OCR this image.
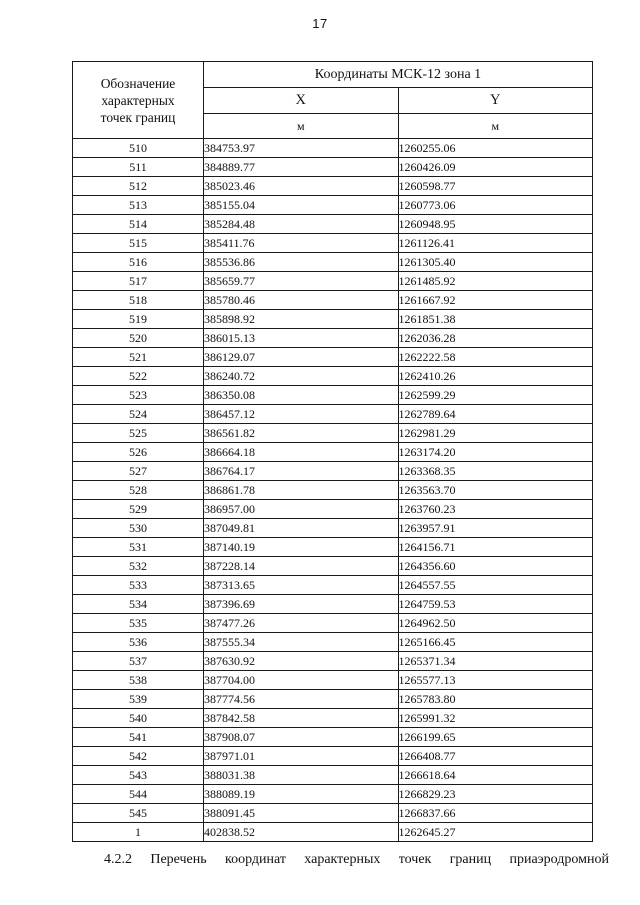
17
Обозначение
характерных
точек границ	Координаты МСК-12 зона 1	
	X	Y
	м	м
510	384753.97	1260255.06
511	384889.77	1260426.09
512	385023.46	1260598.77
513	385155.04	1260773.06
514	385284.48	1260948.95
515	385411.76	1261126.41
516	385536.86	1261305.40
517	385659.77	1261485.92
518	385780.46	1261667.92
519	385898.92	1261851.38
520	386015.13	1262036.28
521	386129.07	1262222.58
522	386240.72	1262410.26
523	386350.08	1262599.29
524	386457.12	1262789.64
525	386561.82	1262981.29
526	386664.18	1263174.20
527	386764.17	1263368.35
528	386861.78	1263563.70
529	386957.00	1263760.23
530	387049.81	1263957.91
531	387140.19	1264156.71
532	387228.14	1264356.60
533	387313.65	1264557.55
534	387396.69	1264759.53
535	387477.26	1264962.50
536	387555.34	1265166.45
537	387630.92	1265371.34
538	387704.00	1265577.13
539	387774.56	1265783.80
540	387842.58	1265991.32
541	387908.07	1266199.65
542	387971.01	1266408.77
543	388031.38	1266618.64
544	388089.19	1266829.23
545	388091.45	1266837.66
1	402838.52	1262645.27
4.2.2 Перечень координат характерных точек границ приаэродромной
